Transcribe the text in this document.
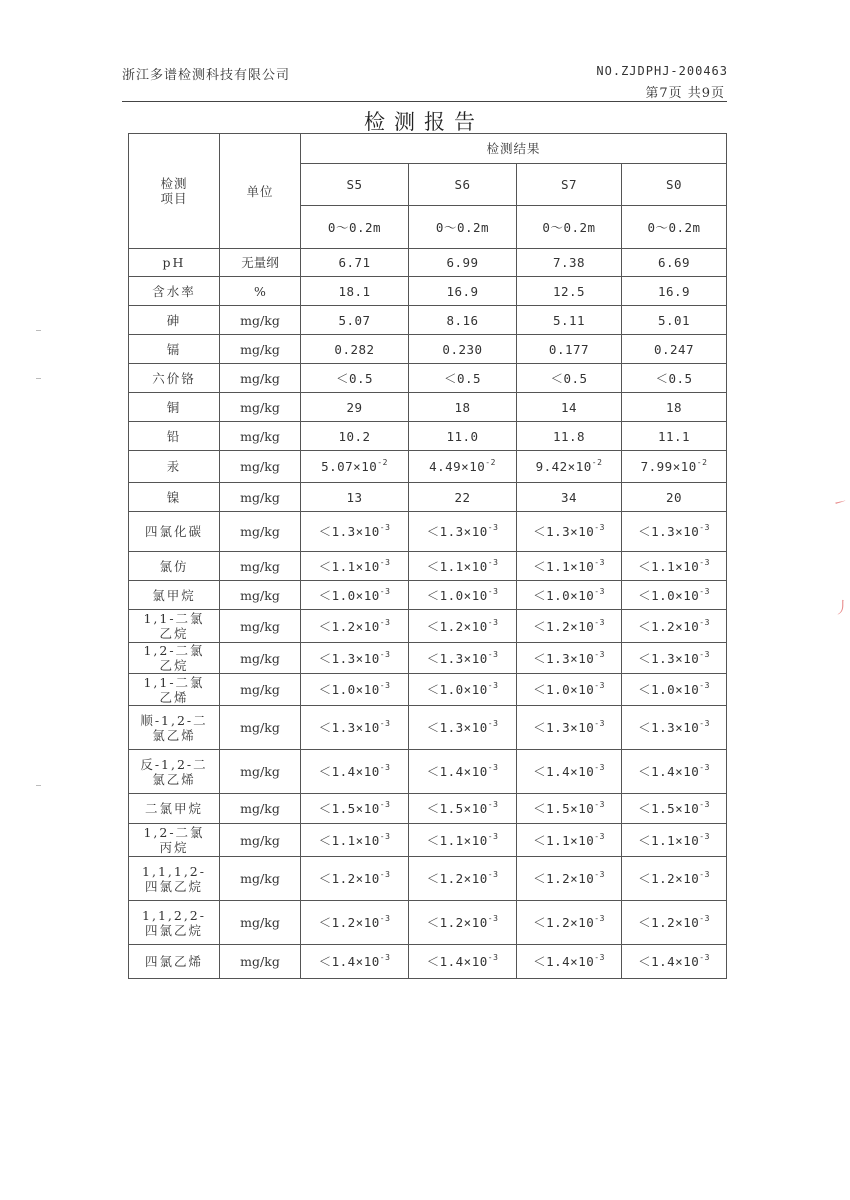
浙江多谱检测科技有限公司	NO.ZJDPHJ-200463
第7页 共9页
检测报告
检测
项目	单位	检测结果			
		S5	S6	S7	S0
		0～0.2m	0～0.2m	0～0.2m	0～0.2m
pH	无量纲	6.71	6.99	7.38	6.69
含水率	%	18.1	16.9	12.5	16.9
砷	mg/kg	5.07	8.16	5.11	5.01
镉	mg/kg	0.282	0.230	0.177	0.247
六价铬	mg/kg	＜0.5	＜0.5	＜0.5	＜0.5
铜	mg/kg	29	18	14	18
铅	mg/kg	10.2	11.0	11.8	11.1
汞	mg/kg	$5.07\times 10^{-2}$	$4.49\times 10^{-2}$	$9.42\times 10^{-2}$	$7.99\times 10^{-2}$
镍	mg/kg	13	22	34	20
四氯化碳	mg/kg	$<1.3\times 10^{-3}$	$<1.3\times 10^{-3}$	$<1.3\times 10^{-3}$	$<1.3\times 10^{-3}$
氯仿	mg/kg	$<1.1\times 10^{-3}$	$<1.1\times 10^{-3}$	$<1.1\times 10^{-3}$	$<1.1\times 10^{-3}$
氯甲烷	mg/kg	$<1.0\times 10^{-3}$	$<1.0\times 10^{-3}$	$<1.0\times 10^{-3}$	$<1.0\times 10^{-3}$
1,1-二氯
乙烷	mg/kg	$<1.2\times 10^{-3}$	$<1.2\times 10^{-3}$	$<1.2\times 10^{-3}$	$<1.2\times 10^{-3}$
1,2-二氯
乙烷	mg/kg	$<1.3\times 10^{-3}$	$<1.3\times 10^{-3}$	$<1.3\times 10^{-3}$	$<1.3\times 10^{-3}$
1,1-二氯
乙烯	mg/kg	$<1.0\times 10^{-3}$	$<1.0\times 10^{-3}$	$<1.0\times 10^{-3}$	$<1.0\times 10^{-3}$
顺-1,2-二
氯乙烯	mg/kg	$<1.3\times 10^{-3}$	$<1.3\times 10^{-3}$	$<1.3\times 10^{-3}$	$<1.3\times 10^{-3}$
反-1,2-二
氯乙烯	mg/kg	$<1.4\times 10^{-3}$	$<1.4\times 10^{-3}$	$<1.4\times 10^{-3}$	$<1.4\times 10^{-3}$
二氯甲烷	mg/kg	$<1.5\times 10^{-3}$	$<1.5\times 10^{-3}$	$<1.5\times 10^{-3}$	$<1.5\times 10^{-3}$
1,2-二氯
丙烷	mg/kg	$<1.1\times 10^{-3}$	$<1.1\times 10^{-3}$	$<1.1\times 10^{-3}$	$<1.1\times 10^{-3}$
1,1,1,2-
四氯乙烷	mg/kg	$<1.2\times 10^{-3}$	$<1.2\times 10^{-3}$	$<1.2\times 10^{-3}$	$<1.2\times 10^{-3}$
1,1,2,2-
四氯乙烷	mg/kg	$<1.2\times 10^{-3}$	$<1.2\times 10^{-3}$	$<1.2\times 10^{-3}$	$<1.2\times 10^{-3}$
四氯乙烯	mg/kg	$<1.4\times 10^{-3}$	$<1.4\times 10^{-3}$	$<1.4\times 10^{-3}$	$<1.4\times 10^{-3}$
㇀
丿
